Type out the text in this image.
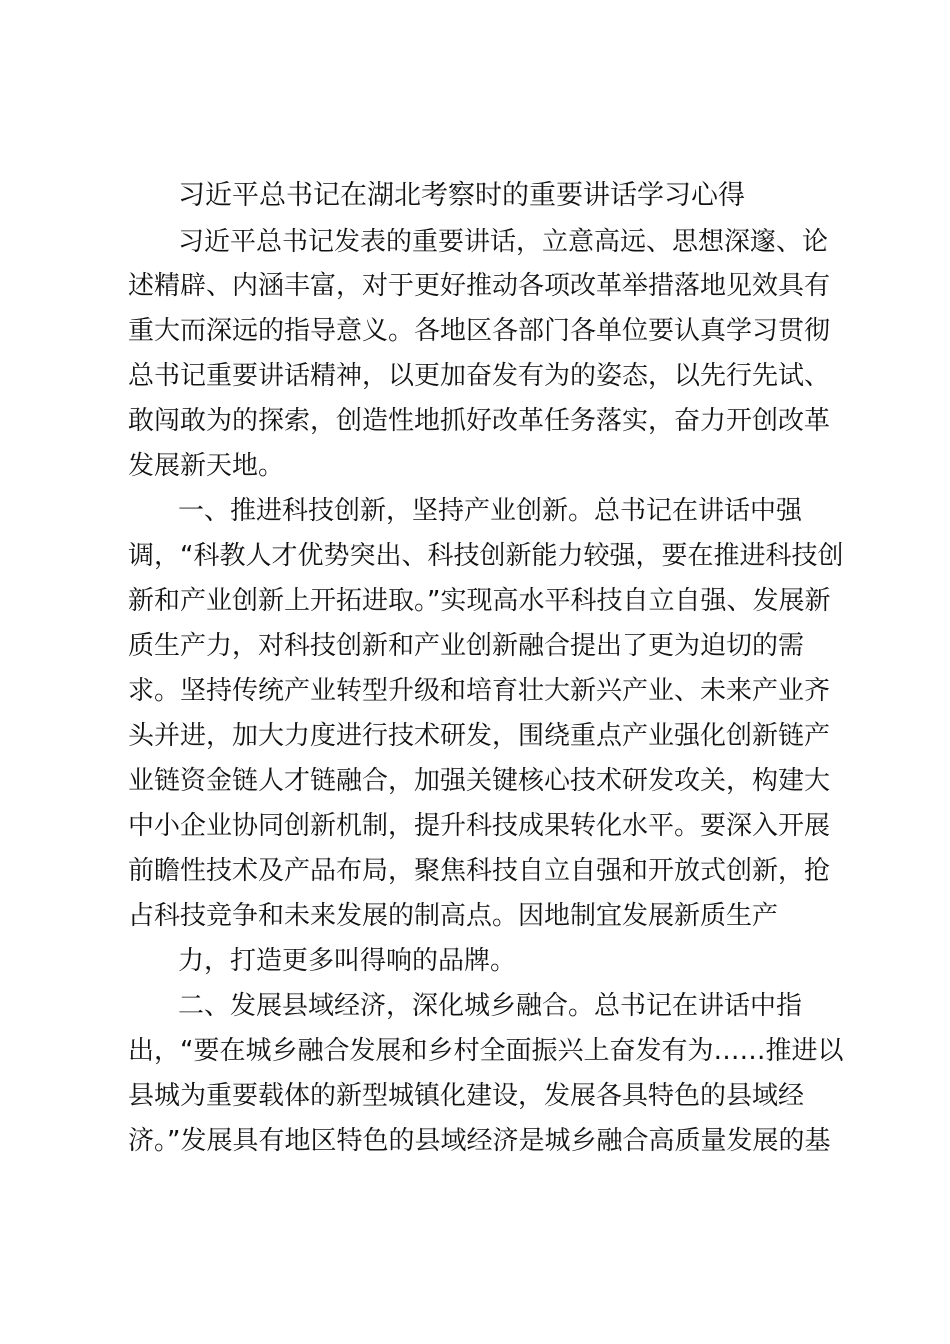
习近平总书记在湖北考察时的重要讲话学习心得
习近平总书记发表的重要讲话，立意高远、思想深邃、论
述精辟、内涵丰富，对于更好推动各项改革举措落地见效具有
重大而深远的指导意义。各地区各部门各单位要认真学习贯彻
总书记重要讲话精神，以更加奋发有为的姿态，以先行先试、
敢闯敢为的探索，创造性地抓好改革任务落实，奋力开创改革
发展新天地。
一、推进科技创新，坚持产业创新。总书记在讲话中强
调，“科教人才优势突出、科技创新能力较强，要在推进科技创
新和产业创新上开拓进取。”实现高水平科技自立自强、发展新
质生产力，对科技创新和产业创新融合提出了更为迫切的需
求。坚持传统产业转型升级和培育壮大新兴产业、未来产业齐
头并进，加大力度进行技术研发，围绕重点产业强化创新链产
业链资金链人才链融合，加强关键核心技术研发攻关，构建大
中小企业协同创新机制，提升科技成果转化水平。要深入开展
前瞻性技术及产品布局，聚焦科技自立自强和开放式创新，抢
占科技竞争和未来发展的制高点。因地制宜发展新质生产
力，打造更多叫得响的品牌。
二、发展县域经济，深化城乡融合。总书记在讲话中指
出，“要在城乡融合发展和乡村全面振兴上奋发有为……推进以
县城为重要载体的新型城镇化建设，发展各具特色的县域经
济。”发展具有地区特色的县域经济是城乡融合高质量发展的基
